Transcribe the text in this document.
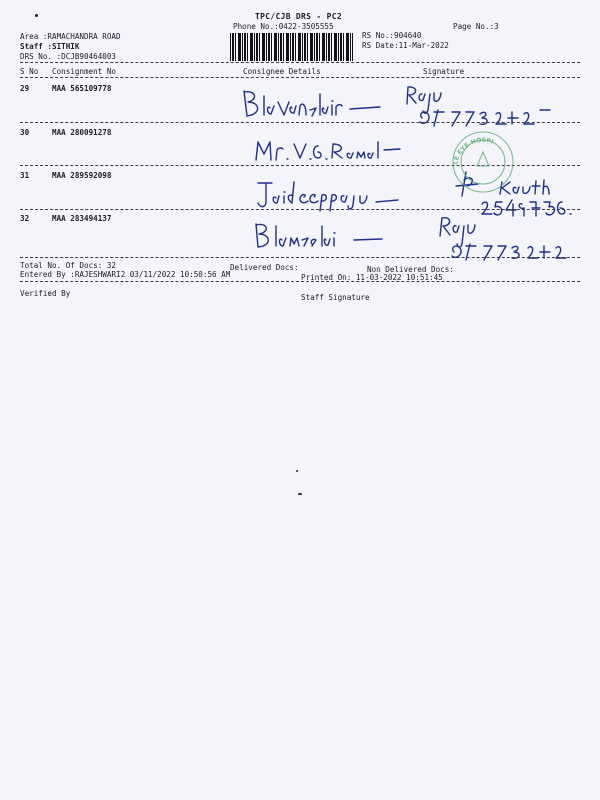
TPC/CJB DRS - PC2
Phone No.:0422-3505555	Page No.:3
Area :RAMACHANDRA ROAD
Staff :SITHIK
DRS No. :DCJB90464003
RS No.:904640
RS Date:11-Mar-2022
S No Consignment No	Consignee Details	Signature
29	MAA 565109778
30	MAA 280091278
31	MAA 289592098
32	MAA 283494137
LE EYE HOSPI
Total No. Of Docs: 32	Delivered Docs:	Non Delivered Docs:
Entered By :RAJESHWARI2 03/11/2022 10:50:56 AM	Printed On: 11-03-2022 10:51:45
Verified By	Staff Signature
